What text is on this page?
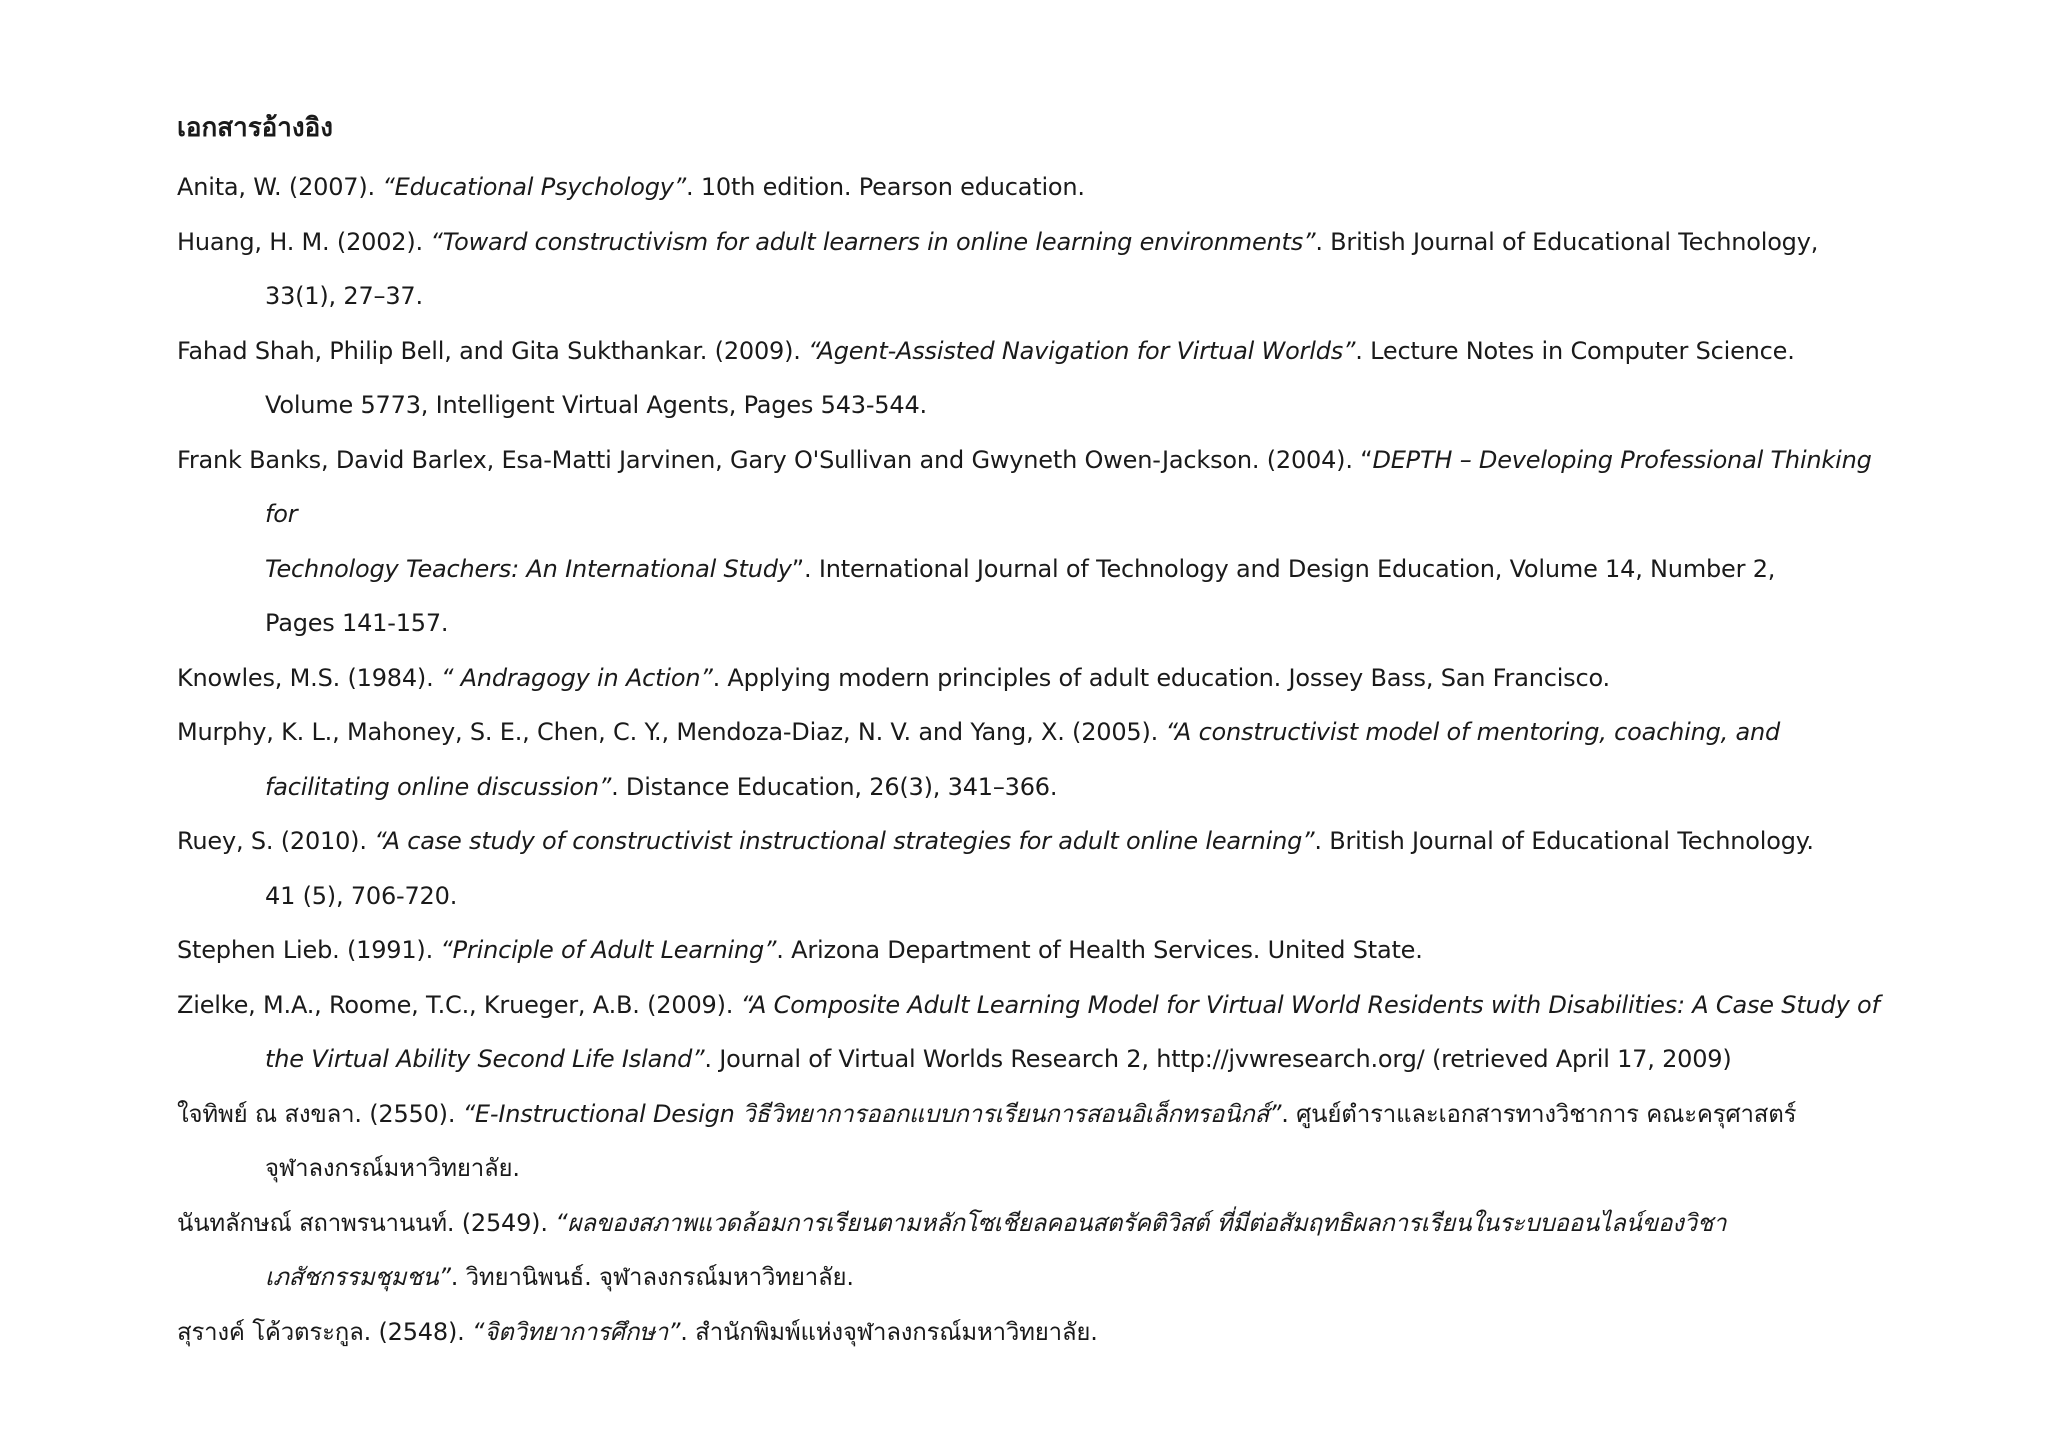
เอกสารอ้างอิง
Anita, W. (2007). “Educational Psychology”. 10th edition. Pearson education.
Huang, H. M. (2002). “Toward constructivism for adult learners in online learning environments”. British Journal of Educational Technology,
33(1), 27–37.
Fahad Shah, Philip Bell, and Gita Sukthankar. (2009). “Agent-Assisted Navigation for Virtual Worlds”. Lecture Notes in Computer Science.
Volume 5773, Intelligent Virtual Agents, Pages 543-544.
Frank Banks, David Barlex, Esa-Matti Jarvinen, Gary O'Sullivan and Gwyneth Owen-Jackson. (2004). “DEPTH – Developing Professional Thinking for
Technology Teachers: An International Study”. International Journal of Technology and Design Education, Volume 14, Number 2,
Pages 141-157.
Knowles, M.S. (1984). “ Andragogy in Action”. Applying modern principles of adult education. Jossey Bass, San Francisco.
Murphy, K. L., Mahoney, S. E., Chen, C. Y., Mendoza-Diaz, N. V. and Yang, X. (2005). “A constructivist model of mentoring, coaching, and
facilitating online discussion”. Distance Education, 26(3), 341–366.
Ruey, S. (2010). “A case study of constructivist instructional strategies for adult online learning”. British Journal of Educational Technology.
41 (5), 706-720.
Stephen Lieb. (1991). “Principle of Adult Learning”. Arizona Department of Health Services. United State.
Zielke, M.A., Roome, T.C., Krueger, A.B. (2009). “A Composite Adult Learning Model for Virtual World Residents with Disabilities: A Case Study of
the Virtual Ability Second Life Island”. Journal of Virtual Worlds Research 2, http://jvwresearch.org/ (retrieved April 17, 2009)
ใจทิพย์ ณ สงขลา. (2550). “E-Instructional Design วิธีวิทยาการออกแบบการเรียนการสอนอิเล็กทรอนิกส์”. ศูนย์ตำราและเอกสารทางวิชาการ คณะครุศาสตร์
จุฬาลงกรณ์มหาวิทยาลัย.
นันทลักษณ์ สถาพรนานนท์. (2549). “ผลของสภาพแวดล้อมการเรียนตามหลักโซเชียลคอนสตรัคติวิสต์ ที่มีต่อสัมฤทธิผลการเรียนในระบบออนไลน์ของวิชา
เภสัชกรรมชุมชน”. วิทยานิพนธ์. จุฬาลงกรณ์มหาวิทยาลัย.
สุรางค์ โค้วตระกูล. (2548). “จิตวิทยาการศึกษา”. สำนักพิมพ์แห่งจุฬาลงกรณ์มหาวิทยาลัย.
